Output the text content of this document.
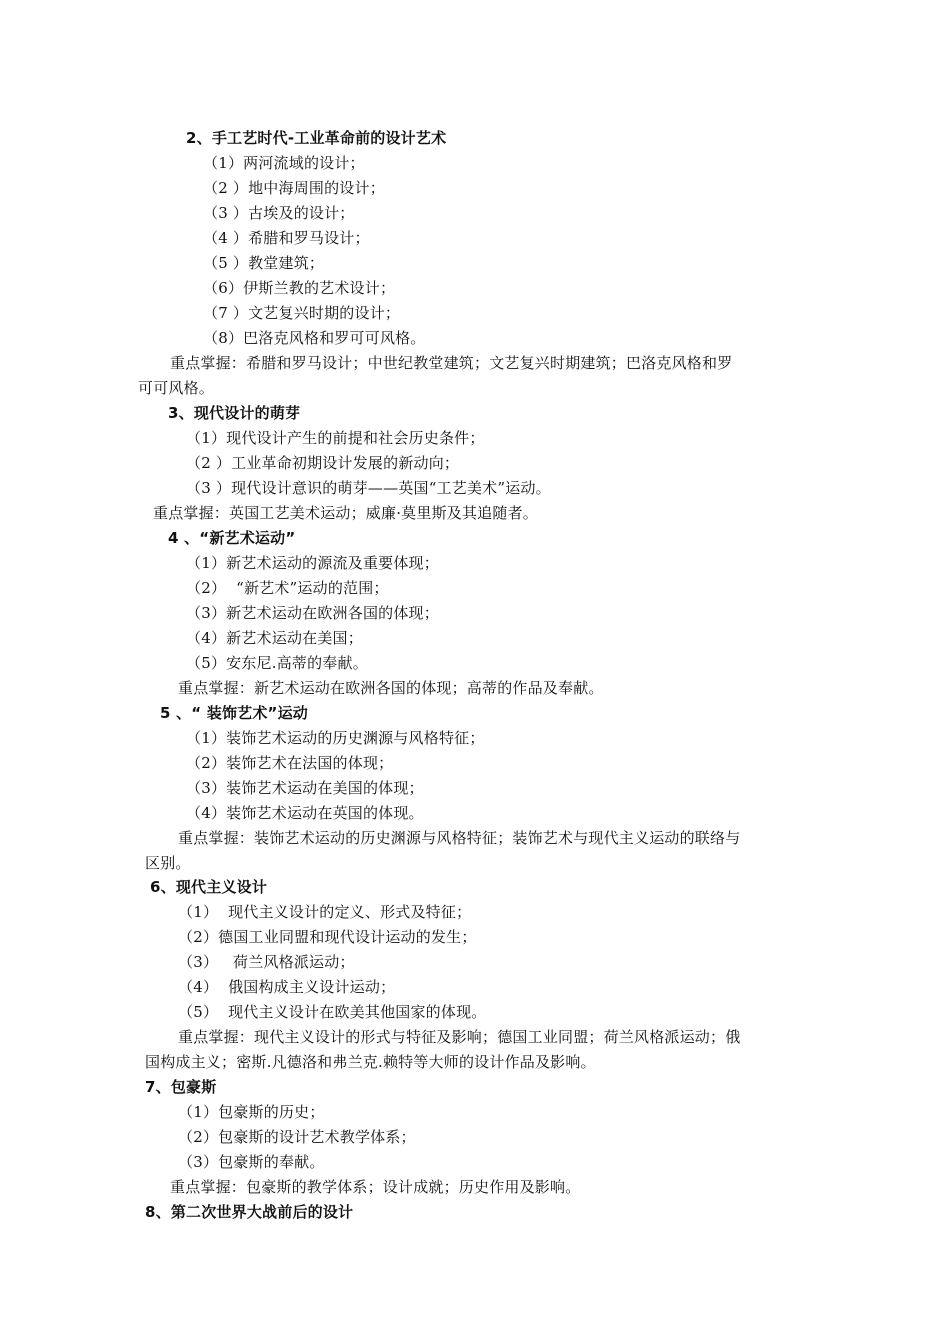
2、手工艺时代-工业革命前的设计艺术
（1）两河流域的设计；
（2 ）地中海周围的设计；
（3 ）古埃及的设计；
（4 ）希腊和罗马设计；
（5 ）教堂建筑；
（6）伊斯兰教的艺术设计；
（7 ）文艺复兴时期的设计；
（8）巴洛克风格和罗可可风格。
重点掌握：希腊和罗马设计；中世纪教堂建筑；文艺复兴时期建筑；巴洛克风格和罗
可可风格。
3、现代设计的萌芽
（1）现代设计产生的前提和社会历史条件；
（2 ）工业革命初期设计发展的新动向；
（3 ）现代设计意识的萌芽——英国“工艺美术”运动。
重点掌握：英国工艺美术运动；威廉·莫里斯及其追随者。
4 、“新艺术运动”
（1）新艺术运动的源流及重要体现；
（2）  “新艺术”运动的范围；
（3）新艺术运动在欧洲各国的体现；
（4）新艺术运动在美国；
（5）安东尼.高蒂的奉献。
重点掌握：新艺术运动在欧洲各国的体现；高蒂的作品及奉献。
5 、“ 装饰艺术”运动
（1）装饰艺术运动的历史渊源与风格特征；
（2）装饰艺术在法国的体现；
（3）装饰艺术运动在美国的体现；
（4）装饰艺术运动在英国的体现。
重点掌握：装饰艺术运动的历史渊源与风格特征；装饰艺术与现代主义运动的联络与
区别。
6、现代主义设计
（1）  现代主义设计的定义、形式及特征；
（2）德国工业同盟和现代设计运动的发生；
（3）   荷兰风格派运动；
（4）  俄国构成主义设计运动；
（5）  现代主义设计在欧美其他国家的体现。
重点掌握：现代主义设计的形式与特征及影响；德国工业同盟；荷兰风格派运动；俄
国构成主义；密斯.凡德洛和弗兰克.赖特等大师的设计作品及影响。
7、包豪斯
（1）包豪斯的历史；
（2）包豪斯的设计艺术教学体系；
（3）包豪斯的奉献。
重点掌握：包豪斯的教学体系；设计成就；历史作用及影响。
8、第二次世界大战前后的设计
